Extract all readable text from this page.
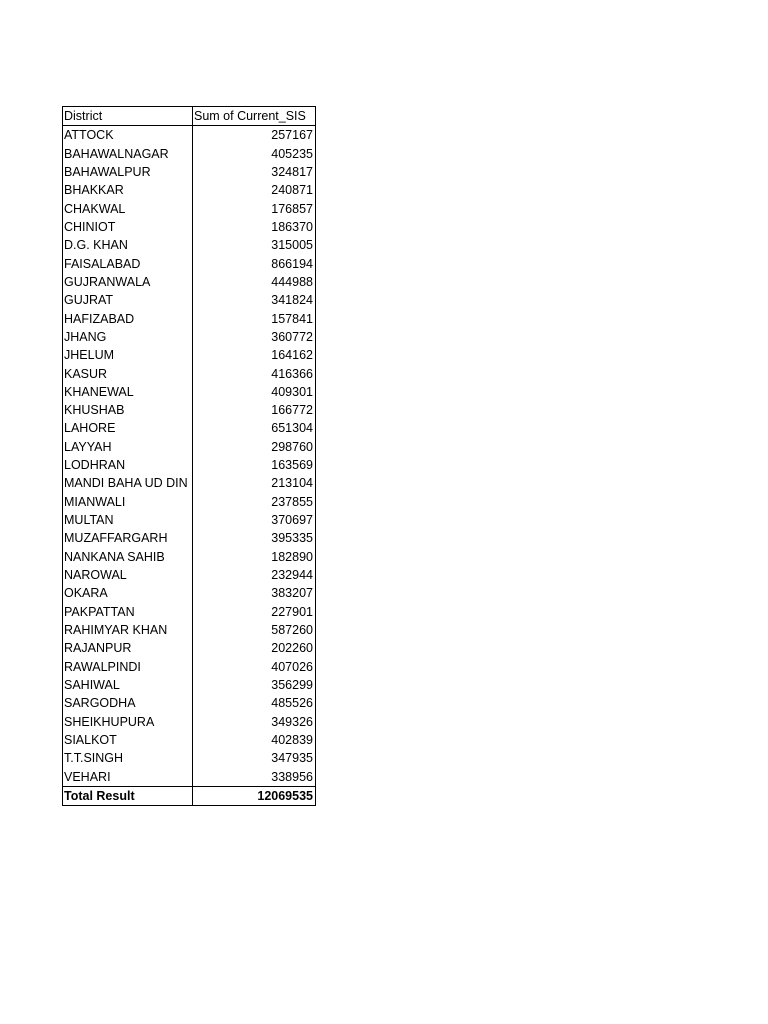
District	Sum of Current_SIS
ATTOCK	257167
BAHAWALNAGAR	405235
BAHAWALPUR	324817
BHAKKAR	240871
CHAKWAL	176857
CHINIOT	186370
D.G. KHAN	315005
FAISALABAD	866194
GUJRANWALA	444988
GUJRAT	341824
HAFIZABAD	157841
JHANG	360772
JHELUM	164162
KASUR	416366
KHANEWAL	409301
KHUSHAB	166772
LAHORE	651304
LAYYAH	298760
LODHRAN	163569
MANDI BAHA UD DIN	213104
MIANWALI	237855
MULTAN	370697
MUZAFFARGARH	395335
NANKANA SAHIB	182890
NAROWAL	232944
OKARA	383207
PAKPATTAN	227901
RAHIMYAR KHAN	587260
RAJANPUR	202260
RAWALPINDI	407026
SAHIWAL	356299
SARGODHA	485526
SHEIKHUPURA	349326
SIALKOT	402839
T.T.SINGH	347935
VEHARI	338956
Total Result	12069535
